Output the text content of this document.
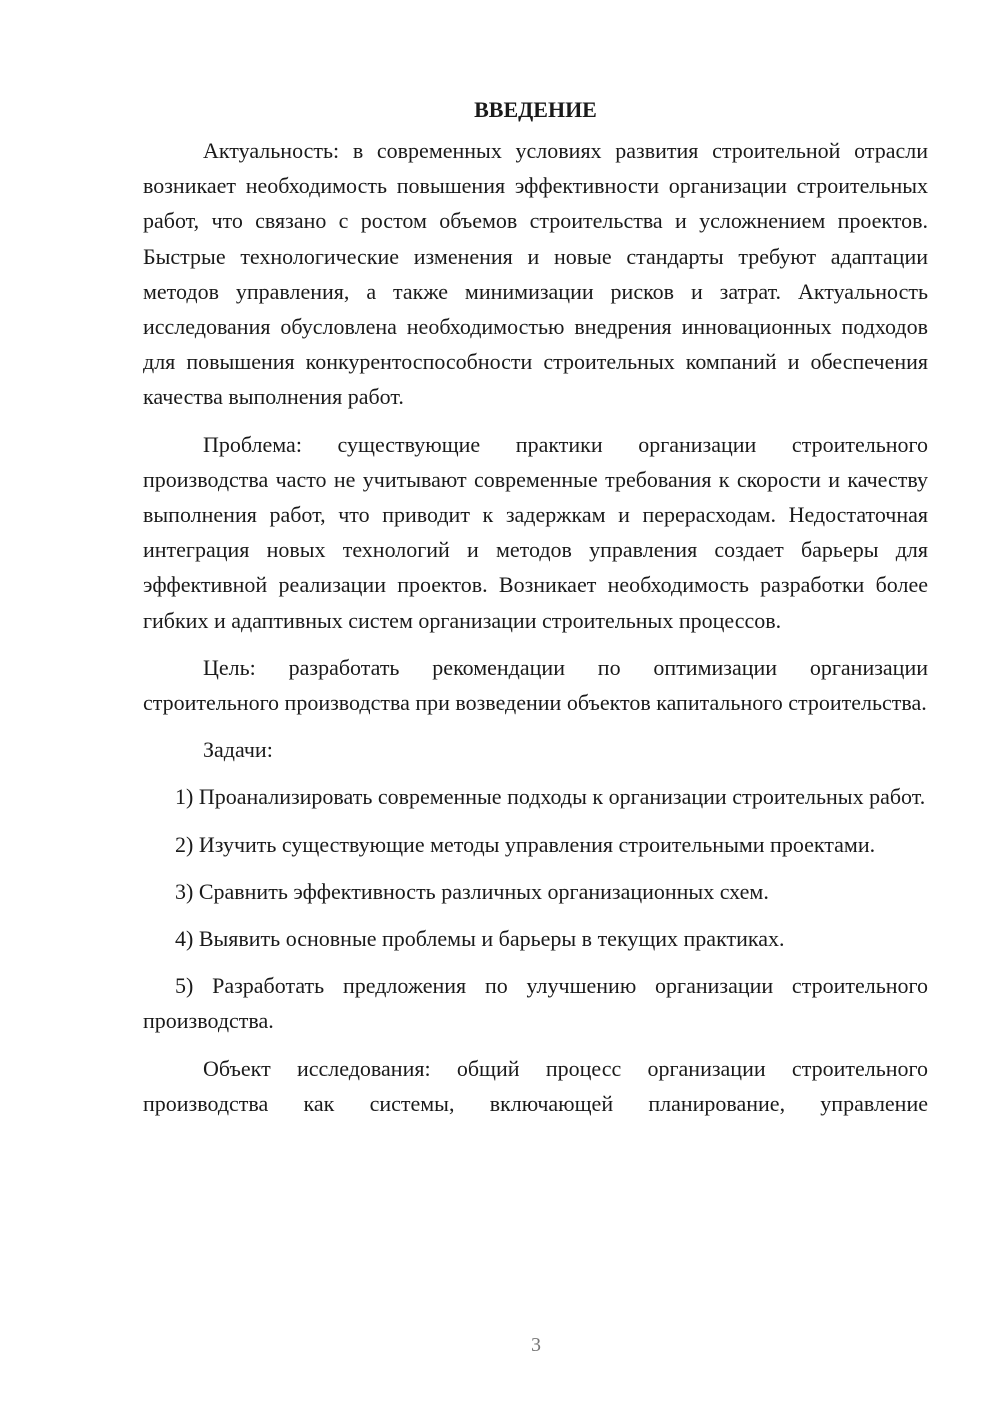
ВВЕДЕНИЕ

Актуальность: в современных условиях развития строительной отрасли возникает необходимость повышения эффективности организации строительных работ, что связано с ростом объемов строительства и усложнением проектов. Быстрые технологические изменения и новые стандарты требуют адаптации методов управления, а также минимизации рисков и затрат. Актуальность исследования обусловлена необходимостью внедрения инновационных подходов для повышения конкурентоспособности строительных компаний и обеспечения качества выполнения работ.

Проблема: существующие практики организации строительного производства часто не учитывают современные требования к скорости и качеству выполнения работ, что приводит к задержкам и перерасходам. Недостаточная интеграция новых технологий и методов управления создает барьеры для эффективной реализации проектов. Возникает необходимость разработки более гибких и адаптивных систем организации строительных процессов.

Цель: разработать рекомендации по оптимизации организации строительного производства при возведении объектов капитального строительства.

Задачи:

1) Проанализировать современные подходы к организации строительных работ.

2) Изучить существующие методы управления строительными проектами.

3) Сравнить эффективность различных организационных схем.

4) Выявить основные проблемы и барьеры в текущих практиках.

5) Разработать предложения по улучшению организации строительного производства.

Объект исследования: общий процесс организации строительного производства как системы, включающей планирование, управление

3
